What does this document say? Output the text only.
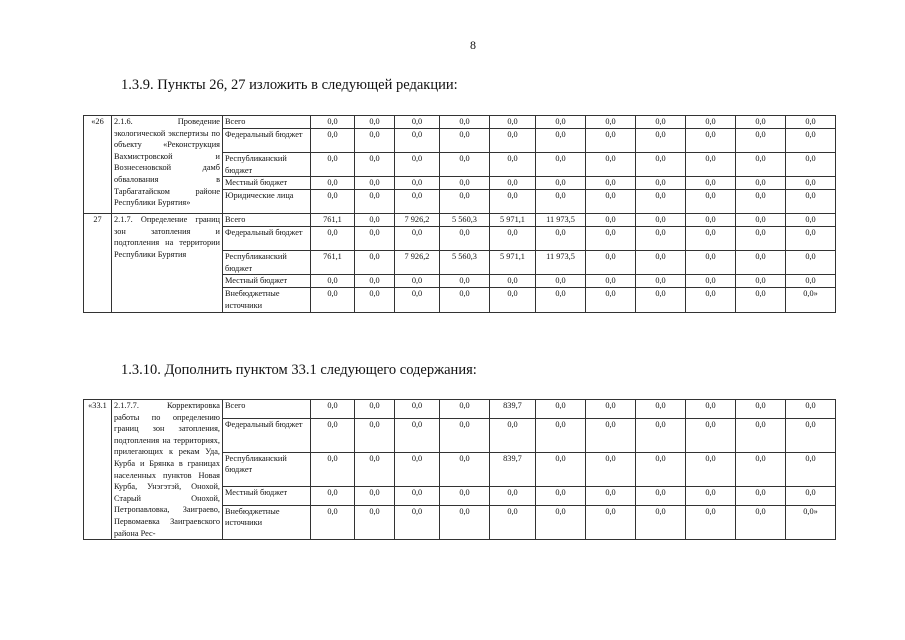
8
1.3.9. Пункты 26, 27 изложить в следующей редакции:
«26	2.1.6. Проведение экологической экспертизы по объекту «Реконструкция Вахмистровской и Вознесеновской дамб обвалования в Тарбагатайском районе Республики Бурятия»	Всего	0,0	0,0	0,0	0,0	0,0	0,0	0,0	0,0	0,0	0,0	0,0
		Федеральный бюджет	0,0	0,0	0,0	0,0	0,0	0,0	0,0	0,0	0,0	0,0	0,0
		Республиканский бюджет	0,0	0,0	0,0	0,0	0,0	0,0	0,0	0,0	0,0	0,0	0,0
		Местный бюджет	0,0	0,0	0,0	0,0	0,0	0,0	0,0	0,0	0,0	0,0	0,0
		Юридические лица	0,0	0,0	0,0	0,0	0,0	0,0	0,0	0,0	0,0	0,0	0,0
27	2.1.7. Определение границ зон затопления и подтопления на территории Республики Бурятия	Всего	761,1	0,0	7 926,2	5 560,3	5 971,1	11 973,5	0,0	0,0	0,0	0,0	0,0
		Федеральный бюджет	0,0	0,0	0,0	0,0	0,0	0,0	0,0	0,0	0,0	0,0	0,0
		Республиканский бюджет	761,1	0,0	7 926,2	5 560,3	5 971,1	11 973,5	0,0	0,0	0,0	0,0	0,0
		Местный бюджет	0,0	0,0	0,0	0,0	0,0	0,0	0,0	0,0	0,0	0,0	0,0
		Внебюджетные источники	0,0	0,0	0,0	0,0	0,0	0,0	0,0	0,0	0,0	0,0	0,0»
1.3.10. Дополнить пунктом 33.1 следующего содержания:
«33.1	2.1.7.7. Корректировка работы по определению границ зон затопления, подтопления на территориях, прилегающих к рекам Уда, Курба и Брянка в границах населенных пунктов Новая Курба, Унэгэтэй, Онохой, Старый Онохой, Петропавловка, Заиграево, Первомаевка Заиграевского района Рес-	Всего	0,0	0,0	0,0	0,0	839,7	0,0	0,0	0,0	0,0	0,0	0,0
		Федеральный бюджет	0,0	0,0	0,0	0,0	0,0	0,0	0,0	0,0	0,0	0,0	0,0
		Республиканский бюджет	0,0	0,0	0,0	0,0	839,7	0,0	0,0	0,0	0,0	0,0	0,0
		Местный бюджет	0,0	0,0	0,0	0,0	0,0	0,0	0,0	0,0	0,0	0,0	0,0
		Внебюджетные источники	0,0	0,0	0,0	0,0	0,0	0,0	0,0	0,0	0,0	0,0	0,0»
